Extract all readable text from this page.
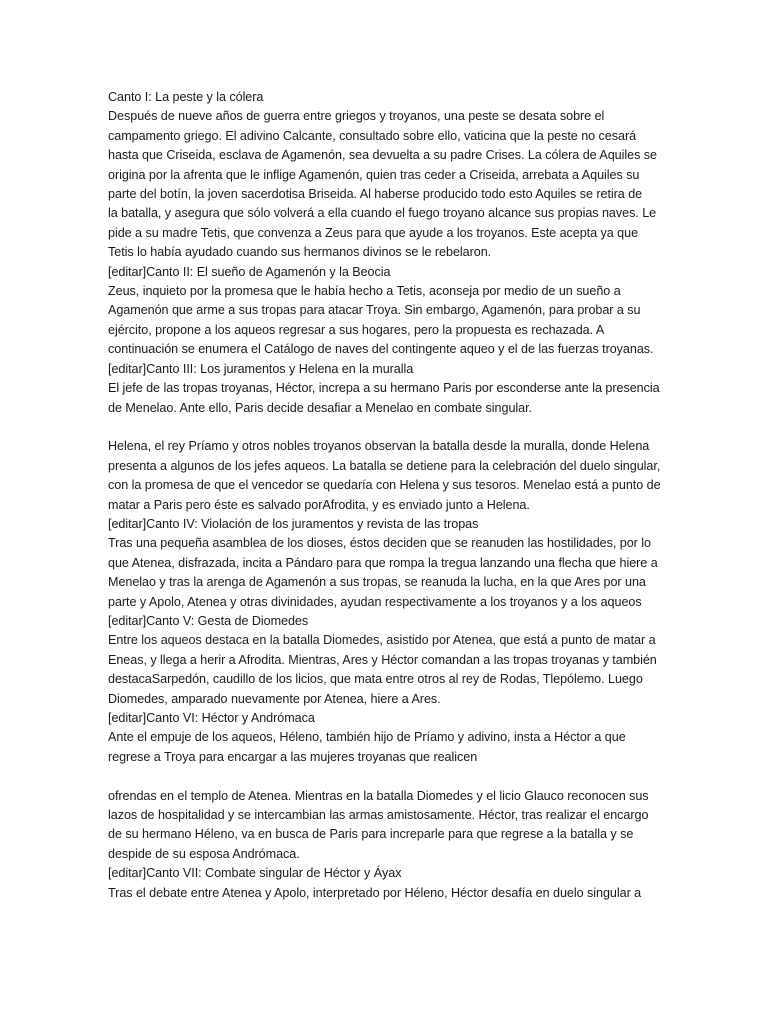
Canto I: La peste y la cólera
Después de nueve años de guerra entre griegos y troyanos, una peste se desata sobre el
campamento griego. El adivino Calcante, consultado sobre ello, vaticina que la peste no cesará
hasta que Criseida, esclava de Agamenón, sea devuelta a su padre Crises. La cólera de Aquiles se
origina por la afrenta que le inflige Agamenón, quien tras ceder a Criseida, arrebata a Aquiles su
parte del botín, la joven sacerdotisa Briseida. Al haberse producido todo esto Aquiles se retira de
la batalla, y asegura que sólo volverá a ella cuando el fuego troyano alcance sus propias naves. Le
pide a su madre Tetis, que convenza a Zeus para que ayude a los troyanos. Este acepta ya que
Tetis lo había ayudado cuando sus hermanos divinos se le rebelaron.
[editar]Canto II: El sueño de Agamenón y la Beocia
Zeus, inquieto por la promesa que le había hecho a Tetis, aconseja por medio de un sueño a
Agamenón que arme a sus tropas para atacar Troya. Sin embargo, Agamenón, para probar a su
ejército, propone a los aqueos regresar a sus hogares, pero la propuesta es rechazada. A
continuación se enumera el Catálogo de naves del contingente aqueo y el de las fuerzas troyanas.
[editar]Canto III: Los juramentos y Helena en la muralla
El jefe de las tropas troyanas, Héctor, increpa a su hermano Paris por esconderse ante la presencia
de Menelao. Ante ello, Paris decide desafiar a Menelao en combate singular.
Helena, el rey Príamo y otros nobles troyanos observan la batalla desde la muralla, donde Helena
presenta a algunos de los jefes aqueos. La batalla se detiene para la celebración del duelo singular,
con la promesa de que el vencedor se quedaría con Helena y sus tesoros. Menelao está a punto de
matar a Paris pero éste es salvado porAfrodita, y es enviado junto a Helena.
[editar]Canto IV: Violación de los juramentos y revista de las tropas
Tras una pequeña asamblea de los dioses, éstos deciden que se reanuden las hostilidades, por lo
que Atenea, disfrazada, incita a Pándaro para que rompa la tregua lanzando una flecha que hiere a
Menelao y tras la arenga de Agamenón a sus tropas, se reanuda la lucha, en la que Ares por una
parte y Apolo, Atenea y otras divinidades, ayudan respectivamente a los troyanos y a los aqueos
[editar]Canto V: Gesta de Diomedes
Entre los aqueos destaca en la batalla Diomedes, asistido por Atenea, que está a punto de matar a
Eneas, y llega a herir a Afrodita. Mientras, Ares y Héctor comandan a las tropas troyanas y también
destacaSarpedón, caudillo de los licios, que mata entre otros al rey de Rodas, Tlepólemo. Luego
Diomedes, amparado nuevamente por Atenea, hiere a Ares.
[editar]Canto VI: Héctor y Andrómaca
Ante el empuje de los aqueos, Héleno, también hijo de Príamo y adivino, insta a Héctor a que
regrese a Troya para encargar a las mujeres troyanas que realicen
ofrendas en el templo de Atenea. Mientras en la batalla Diomedes y el licio Glauco reconocen sus
lazos de hospitalidad y se intercambian las armas amistosamente. Héctor, tras realizar el encargo
de su hermano Héleno, va en busca de Paris para increparle para que regrese a la batalla y se
despide de su esposa Andrómaca.
[editar]Canto VII: Combate singular de Héctor y Áyax
Tras el debate entre Atenea y Apolo, interpretado por Héleno, Héctor desafía en duelo singular a
